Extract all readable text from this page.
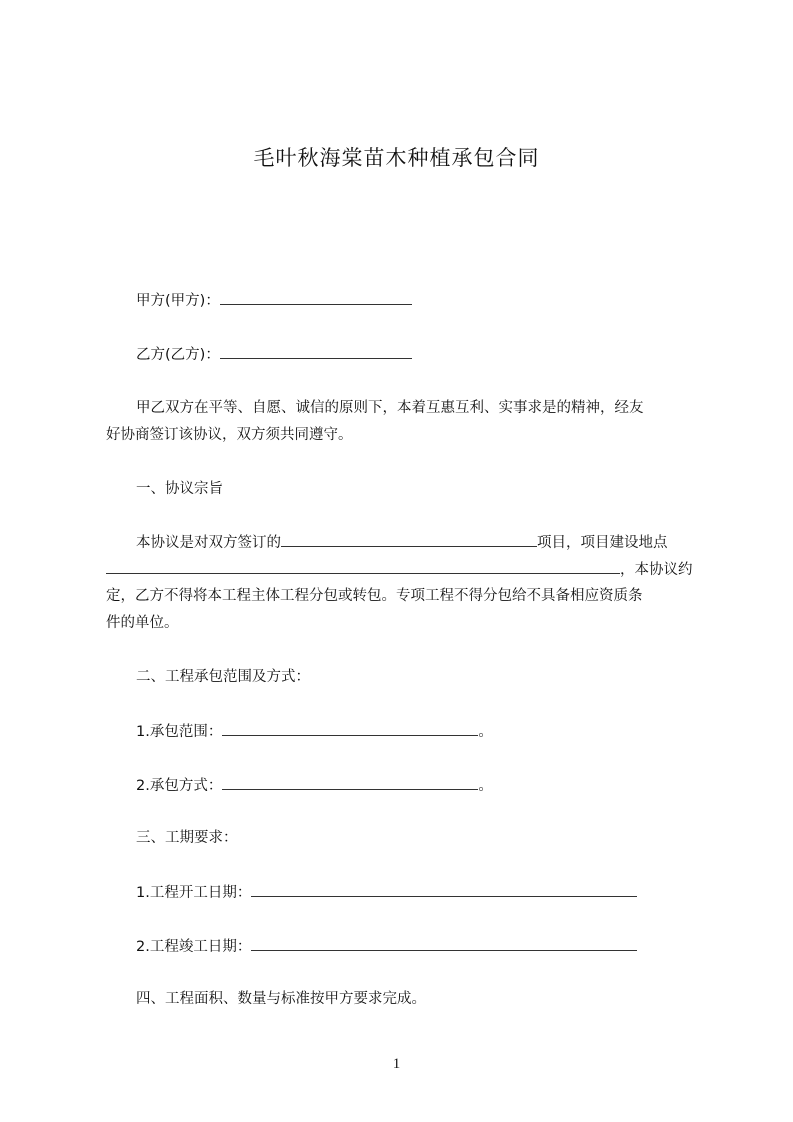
毛叶秋海棠苗木种植承包合同
甲方(甲方)：
乙方(乙方)：
甲乙双方在平等、自愿、诚信的原则下，本着互惠互利、实事求是的精神，经友
好协商签订该协议，双方须共同遵守。
一、协议宗旨
本协议是对双方签订的	项目，项目建设地点
，本协议约
定，乙方不得将本工程主体工程分包或转包。专项工程不得分包给不具备相应资质条
件的单位。
二、工程承包范围及方式：
1.承包范围：	。
2.承包方式：	。
三、工期要求：
1.工程开工日期：
2.工程竣工日期：
四、工程面积、数量与标准按甲方要求完成。
1
